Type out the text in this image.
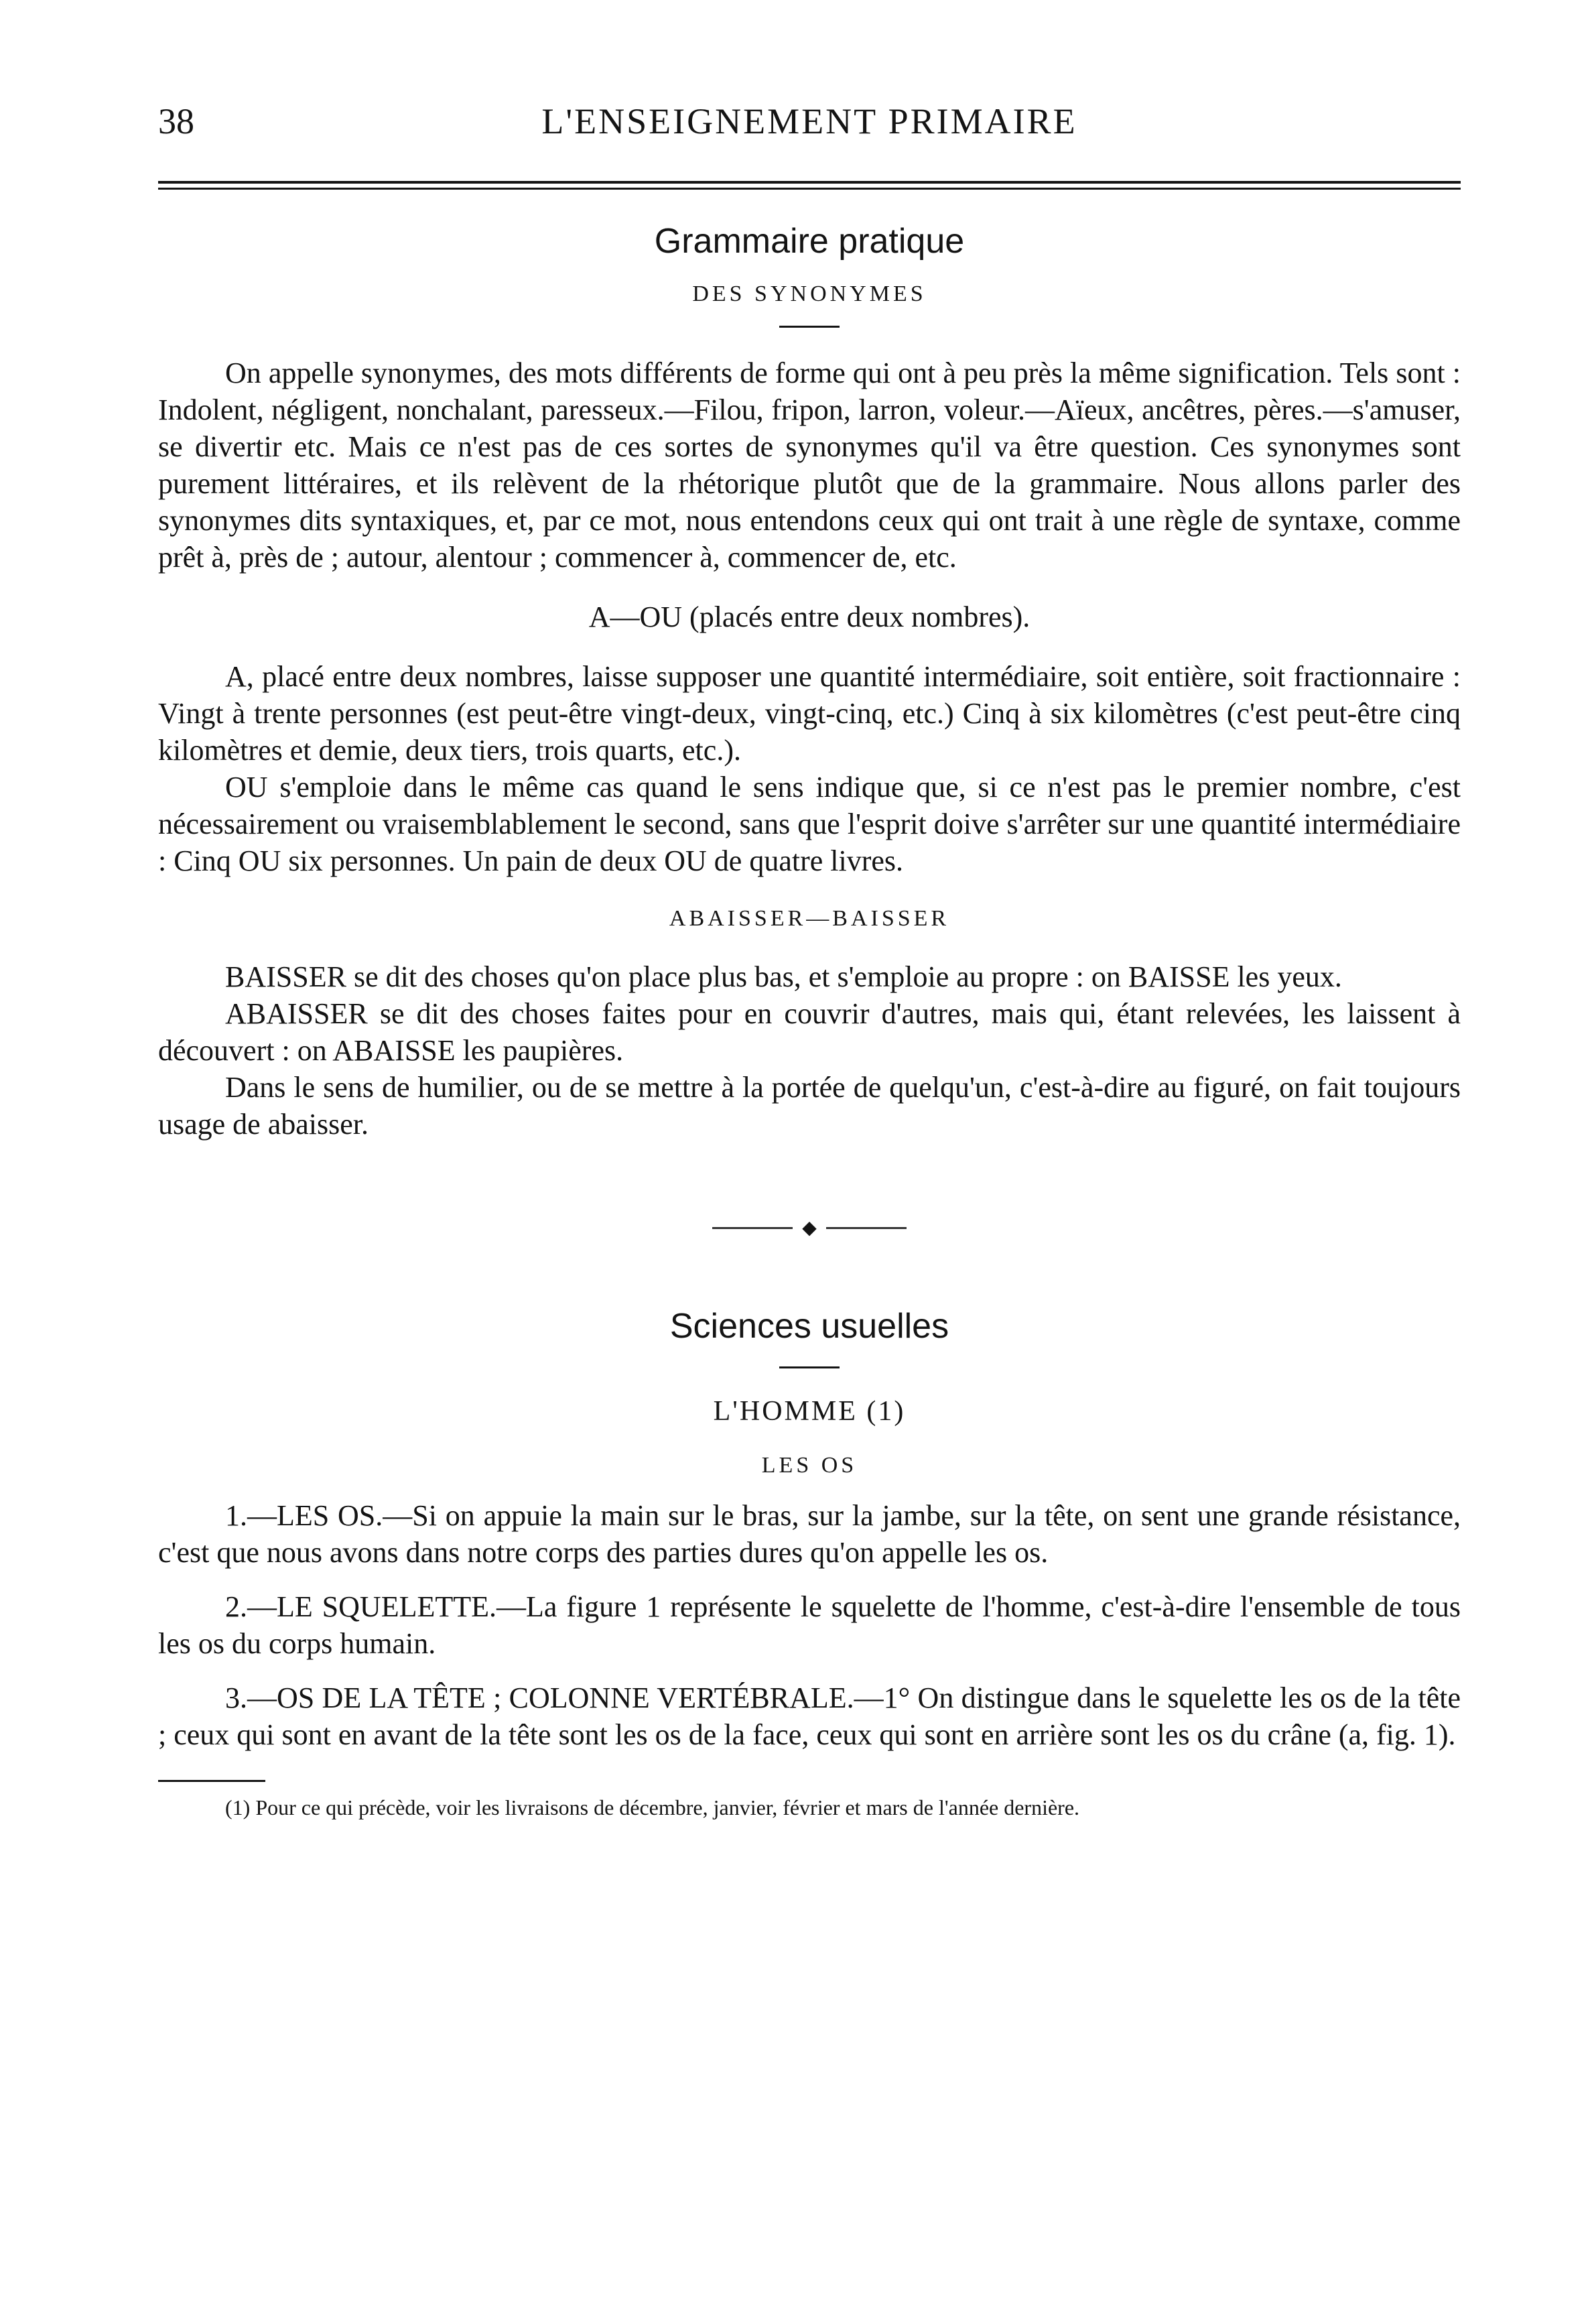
38	L'ENSEIGNEMENT PRIMAIRE
Grammaire pratique
DES SYNONYMES

On appelle synonymes, des mots différents de forme qui ont à peu près la même signification. Tels sont : Indolent, négligent, nonchalant, paresseux.—Filou, fripon, larron, voleur.—Aïeux, ancêtres, pères.—s'amuser, se divertir etc. Mais ce n'est pas de ces sortes de synonymes qu'il va être question. Ces synonymes sont purement littéraires, et ils relèvent de la rhétorique plutôt que de la grammaire. Nous allons parler des synonymes dits syntaxiques, et, par ce mot, nous entendons ceux qui ont trait à une règle de syntaxe, comme prêt à, près de ; autour, alentour ; commencer à, commencer de, etc.

A—OU (placés entre deux nombres).

A, placé entre deux nombres, laisse supposer une quantité intermédiaire, soit entière, soit fractionnaire : Vingt à trente personnes (est peut-être vingt-deux, vingt-cinq, etc.) Cinq à six kilomètres (c'est peut-être cinq kilomètres et demie, deux tiers, trois quarts, etc.).

OU s'emploie dans le même cas quand le sens indique que, si ce n'est pas le premier nombre, c'est nécessairement ou vraisemblablement le second, sans que l'esprit doive s'arrêter sur une quantité intermédiaire : Cinq OU six personnes. Un pain de deux OU de quatre livres.

ABAISSER—BAISSER

BAISSER se dit des choses qu'on place plus bas, et s'emploie au propre : on BAISSE les yeux.

ABAISSER se dit des choses faites pour en couvrir d'autres, mais qui, étant relevées, les laissent à découvert : on ABAISSE les paupières.

Dans le sens de humilier, ou de se mettre à la portée de quelqu'un, c'est-à-dire au figuré, on fait toujours usage de abaisser.

◆
Sciences usuelles
L'HOMME (1)
LES OS

1.—LES OS.—Si on appuie la main sur le bras, sur la jambe, sur la tête, on sent une grande résistance, c'est que nous avons dans notre corps des parties dures qu'on appelle les os.

2.—LE SQUELETTE.—La figure 1 représente le squelette de l'homme, c'est-à-dire l'ensemble de tous les os du corps humain.

3.—OS DE LA TÊTE ; COLONNE VERTÉBRALE.—1° On distingue dans le squelette les os de la tête ; ceux qui sont en avant de la tête sont les os de la face, ceux qui sont en arrière sont les os du crâne (a, fig. 1).

(1) Pour ce qui précède, voir les livraisons de décembre, janvier, février et mars de l'année dernière.
